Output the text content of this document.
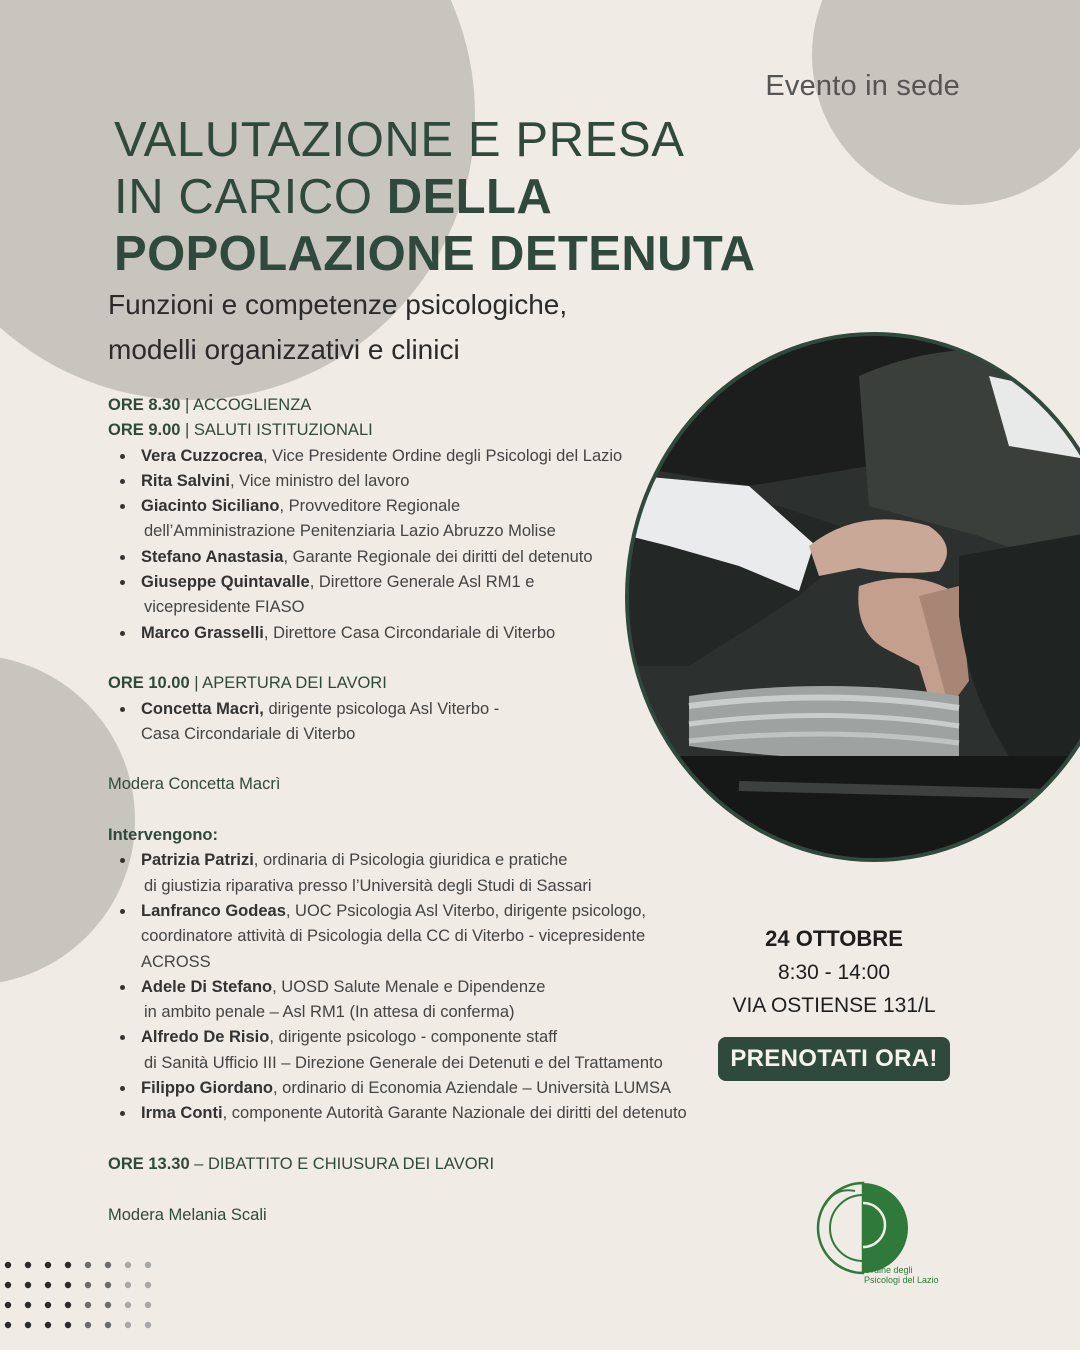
Evento in sede
VALUTAZIONE E PRESA
IN CARICO DELLA
POPOLAZIONE DETENUTA
Funzioni e competenze psicologiche,
modelli organizzativi e clinici
ORE 8.30 | ACCOGLIENZA
ORE 9.00 | SALUTI ISTITUZIONALI
Vera Cuzzocrea, Vice Presidente Ordine degli Psicologi del Lazio
Rita Salvini, Vice ministro del lavoro
Giacinto Siciliano, Provveditore Regionale
dell’Amministrazione Penitenziaria Lazio Abruzzo Molise
Stefano Anastasia, Garante Regionale dei diritti del detenuto
Giuseppe Quintavalle, Direttore Generale Asl RM1 e
vicepresidente FIASO
Marco Grasselli, Direttore Casa Circondariale di Viterbo
ORE 10.00 | APERTURA DEI LAVORI
Concetta Macrì, dirigente psicologa Asl Viterbo -
Casa Circondariale di Viterbo
Modera Concetta Macrì
Intervengono:
Patrizia Patrizi, ordinaria di Psicologia giuridica e pratiche
di giustizia riparativa presso l’Università degli Studi di Sassari
Lanfranco Godeas, UOC Psicologia Asl Viterbo, dirigente psicologo,
coordinatore attività di Psicologia della CC di Viterbo - vicepresidente
ACROSS
Adele Di Stefano, UOSD Salute Menale e Dipendenze
in ambito penale – Asl RM1 (In attesa di conferma)
Alfredo De Risio, dirigente psicologo - componente staff
di Sanità Ufficio III – Direzione Generale dei Detenuti e del Trattamento
Filippo Giordano, ordinario di Economia Aziendale – Università LUMSA
Irma Conti, componente Autorità Garante Nazionale dei diritti del detenuto
ORE 13.30 – DIBATTITO E CHIUSURA DEI LAVORI
Modera Melania Scali
24 OTTOBRE
8:30 - 14:00
VIA OSTIENSE 131/L
PRENOTATI ORA!
Ordine degli
Psicologi del Lazio
